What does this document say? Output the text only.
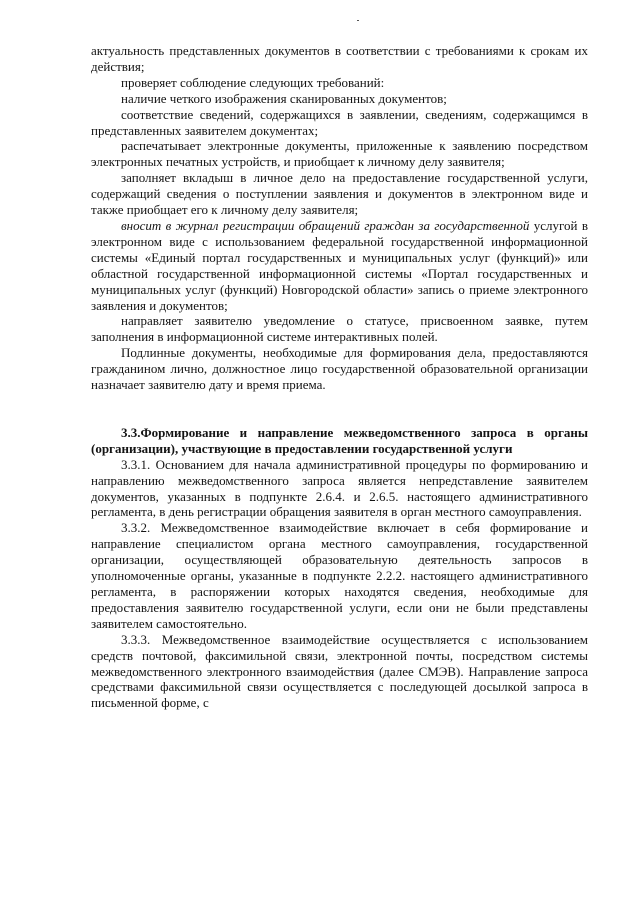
актуальность представленных документов в соответствии с требованиями к срокам их действия;

проверяет соблюдение следующих требований:

наличие четкого изображения сканированных документов;

соответствие сведений, содержащихся в заявлении, сведениям, содержащимся в представленных заявителем документах;

распечатывает электронные документы, приложенные к заявлению посредством электронных печатных устройств, и приобщает к личному делу заявителя;

заполняет вкладыш в личное дело на предоставление государственной услуги, содержащий сведения о поступлении заявления и документов в электронном виде и также приобщает его к личному делу заявителя;

вносит в журнал регистрации обращений граждан за государственной услугой в электронном виде с использованием федеральной государственной информационной системы «Единый портал государственных и муниципальных услуг (функций)» или областной государственной информационной системы «Портал государственных и муниципальных услуг (функций) Новгородской области» запись о приеме электронного заявления и документов;

направляет заявителю уведомление о статусе, присвоенном заявке, путем заполнения в информационной системе интерактивных полей.

Подлинные документы, необходимые для формирования дела, предоставляются гражданином лично, должностное лицо государственной образовательной организации назначает заявителю дату и время приема.

3.3.Формирование и направление межведомственного запроса в органы (организации), участвующие в предоставлении государственной услуги

3.3.1. Основанием для начала административной процедуры по формированию и направлению межведомственного запроса является непредставление заявителем документов, указанных в подпункте 2.6.4. и 2.6.5. настоящего административного регламента, в день регистрации обращения заявителя в орган местного самоуправления.

3.3.2. Межведомственное взаимодействие включает в себя формирование и направление специалистом органа местного самоуправления, государственной организации, осуществляющей образовательную деятельность запросов в уполномоченные органы, указанные в подпункте 2.2.2. настоящего административного регламента, в распоряжении которых находятся сведения, необходимые для предоставления заявителю государственной услуги, если они не были представлены заявителем самостоятельно.

3.3.3. Межведомственное взаимодействие осуществляется с использованием средств почтовой, факсимильной связи, электронной почты, посредством системы межведомственного электронного взаимодействия (далее СМЭВ). Направление запроса средствами факсимильной связи осуществляется с последующей досылкой запроса в письменной форме, с
